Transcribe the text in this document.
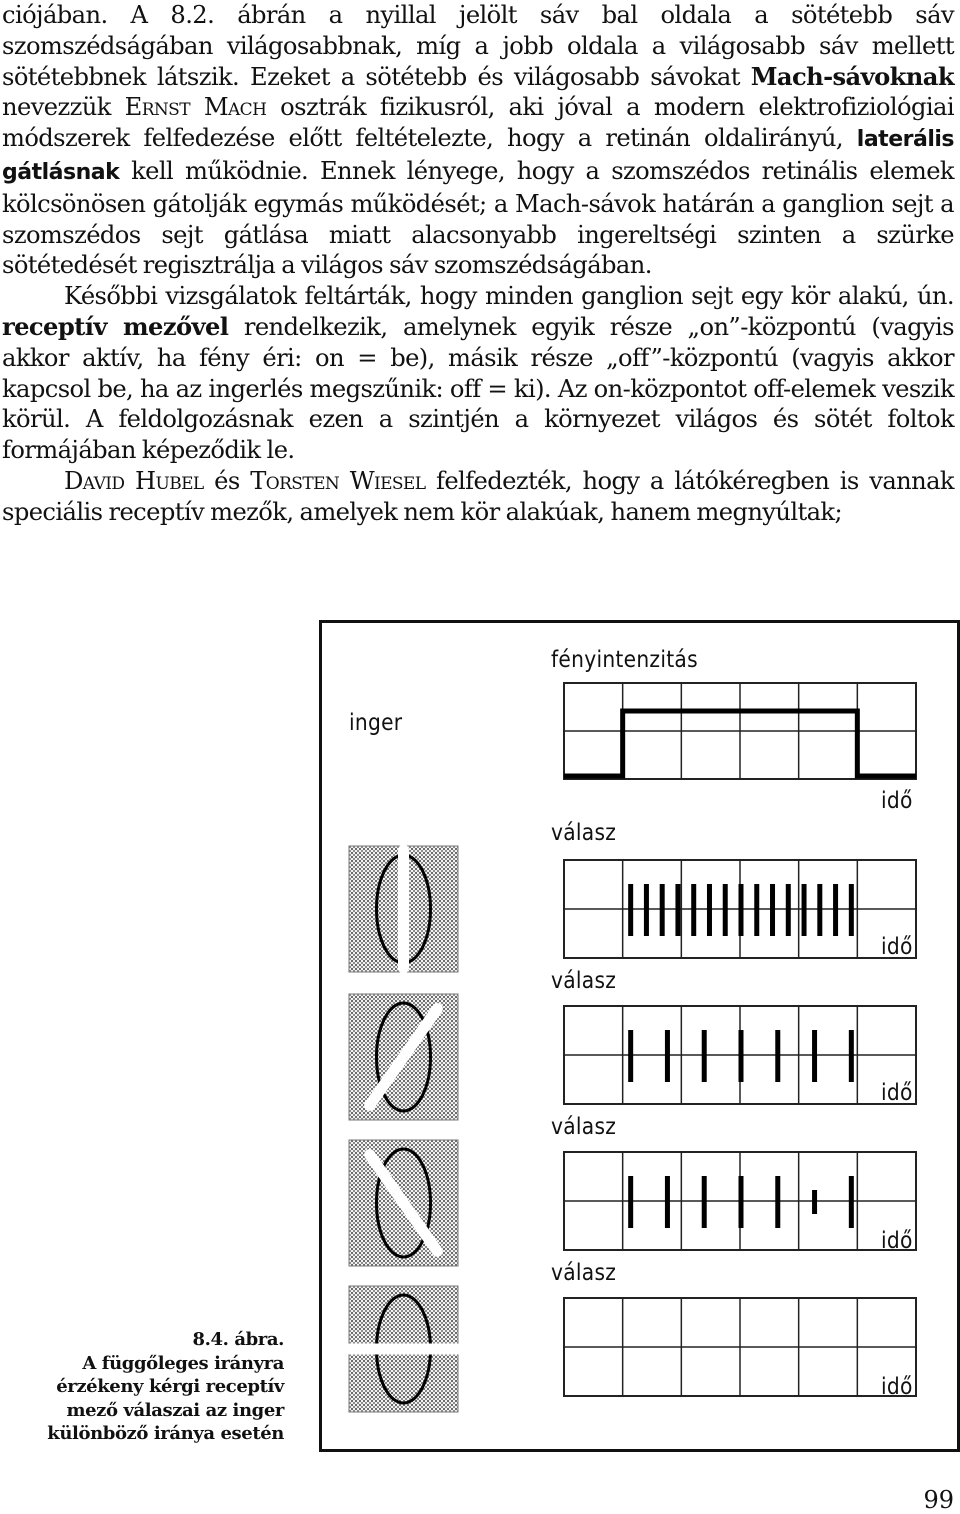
ciójában. A 8.2. ábrán a nyillal jelölt sáv bal oldala a sötétebb sáv szomszédságában világosabbnak, míg a jobb oldala a világosabb sáv mellett sötétebbnek látszik. Ezeket a sötétebb és világosabb sávokat Mach-sávoknak nevezzük Ernst Mach osztrák fizikusról, aki jóval a modern elektrofiziológiai módszerek felfedezése előtt feltételezte, hogy a retinán oldalirányú, laterális gátlásnak kell működnie. Ennek lényege, hogy a szomszédos retinális elemek kölcsönösen gátolják egymás működését; a Mach-sávok határán a ganglion sejt a szomszédos sejt gátlása miatt alacsonyabb ingereltségi szinten a szürke sötétedését regisztrálja a világos sáv szomszédságában.

Későbbi vizsgálatok feltárták, hogy minden ganglion sejt egy kör alakú, ún. receptív mezővel rendelkezik, amelynek egyik része „on”-központú (vagyis akkor aktív, ha fény éri: on = be), másik része „off”-központú (vagyis akkor kapcsol be, ha az ingerlés megszűnik: off = ki). Az on-központot off-elemek veszik körül. A feldolgozásnak ezen a szintjén a környezet világos és sötét foltok formájában képeződik le.

David Hubel és Torsten Wiesel felfedezték, hogy a látókéregben is vannak speciális receptív mezők, amelyek nem kör alakúak, hanem megnyúltak;

fényintenzitás
inger
idő
válasz
idő
válasz
idő
válasz
idő
válasz
idő
8.4. ábra.
A függőleges irányra
érzékeny kérgi receptív
mező válaszai az inger
különböző iránya esetén
99
